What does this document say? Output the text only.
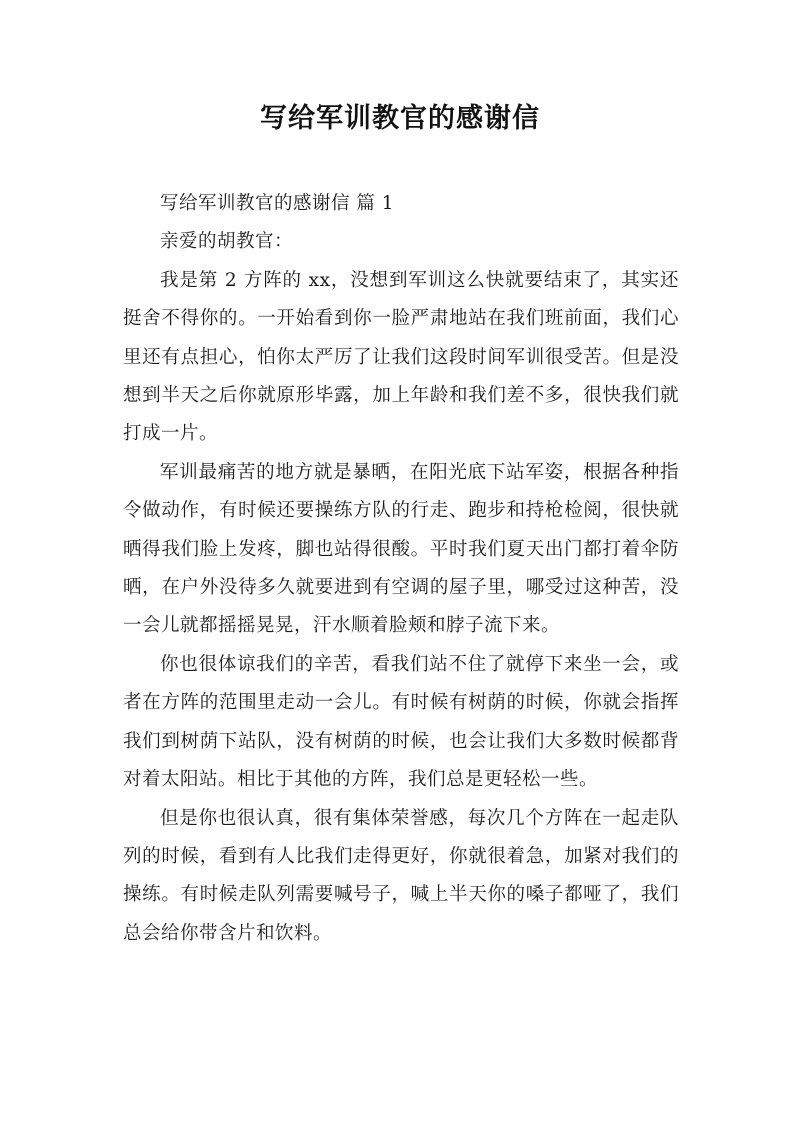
写给军训教官的感谢信

写给军训教官的感谢信 篇 1

亲爱的胡教官：

我是第 2 方阵的 xx，没想到军训这么快就要结束了，其实还挺舍不得你的。一开始看到你一脸严肃地站在我们班前面，我们心里还有点担心，怕你太严厉了让我们这段时间军训很受苦。但是没想到半天之后你就原形毕露，加上年龄和我们差不多，很快我们就打成一片。

军训最痛苦的地方就是暴晒，在阳光底下站军姿，根据各种指令做动作，有时候还要操练方队的行走、跑步和持枪检阅，很快就晒得我们脸上发疼，脚也站得很酸。平时我们夏天出门都打着伞防晒，在户外没待多久就要进到有空调的屋子里，哪受过这种苦，没一会儿就都摇摇晃晃，汗水顺着脸颊和脖子流下来。

你也很体谅我们的辛苦，看我们站不住了就停下来坐一会，或者在方阵的范围里走动一会儿。有时候有树荫的时候，你就会指挥我们到树荫下站队，没有树荫的时候，也会让我们大多数时候都背对着太阳站。相比于其他的方阵，我们总是更轻松一些。

但是你也很认真，很有集体荣誉感，每次几个方阵在一起走队列的时候，看到有人比我们走得更好，你就很着急，加紧对我们的操练。有时候走队列需要喊号子，喊上半天你的嗓子都哑了，我们总会给你带含片和饮料。
